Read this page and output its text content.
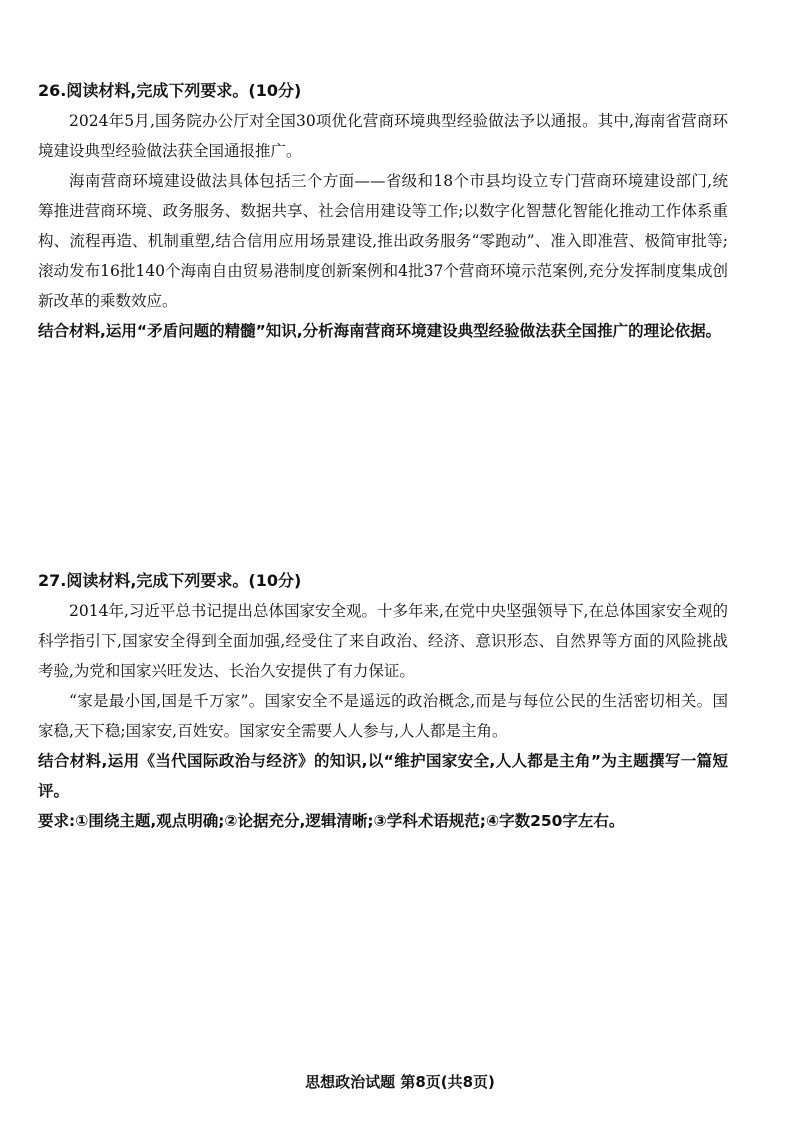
26.阅读材料,完成下列要求。(10分)

2024年5月,国务院办公厅对全国30项优化营商环境典型经验做法予以通报。其中,海南省营商环境建设典型经验做法获全国通报推广。

海南营商环境建设做法具体包括三个方面——省级和18个市县均设立专门营商环境建设部门,统筹推进营商环境、政务服务、数据共享、社会信用建设等工作;以数字化智慧化智能化推动工作体系重构、流程再造、机制重塑,结合信用应用场景建设,推出政务服务“零跑动”、准入即准营、极简审批等;滚动发布16批140个海南自由贸易港制度创新案例和4批37个营商环境示范案例,充分发挥制度集成创新改革的乘数效应。

结合材料,运用“矛盾问题的精髓”知识,分析海南营商环境建设典型经验做法获全国推广的理论依据。

27.阅读材料,完成下列要求。(10分)

2014年,习近平总书记提出总体国家安全观。十多年来,在党中央坚强领导下,在总体国家安全观的科学指引下,国家安全得到全面加强,经受住了来自政治、经济、意识形态、自然界等方面的风险挑战考验,为党和国家兴旺发达、长治久安提供了有力保证。

“家是最小国,国是千万家”。国家安全不是遥远的政治概念,而是与每位公民的生活密切相关。国家稳,天下稳;国家安,百姓安。国家安全需要人人参与,人人都是主角。

结合材料,运用《当代国际政治与经济》的知识,以“维护国家安全,人人都是主角”为主题撰写一篇短评。

要求:①围绕主题,观点明确;②论据充分,逻辑清晰;③学科术语规范;④字数250字左右。

思想政治试题 第8页(共8页)
